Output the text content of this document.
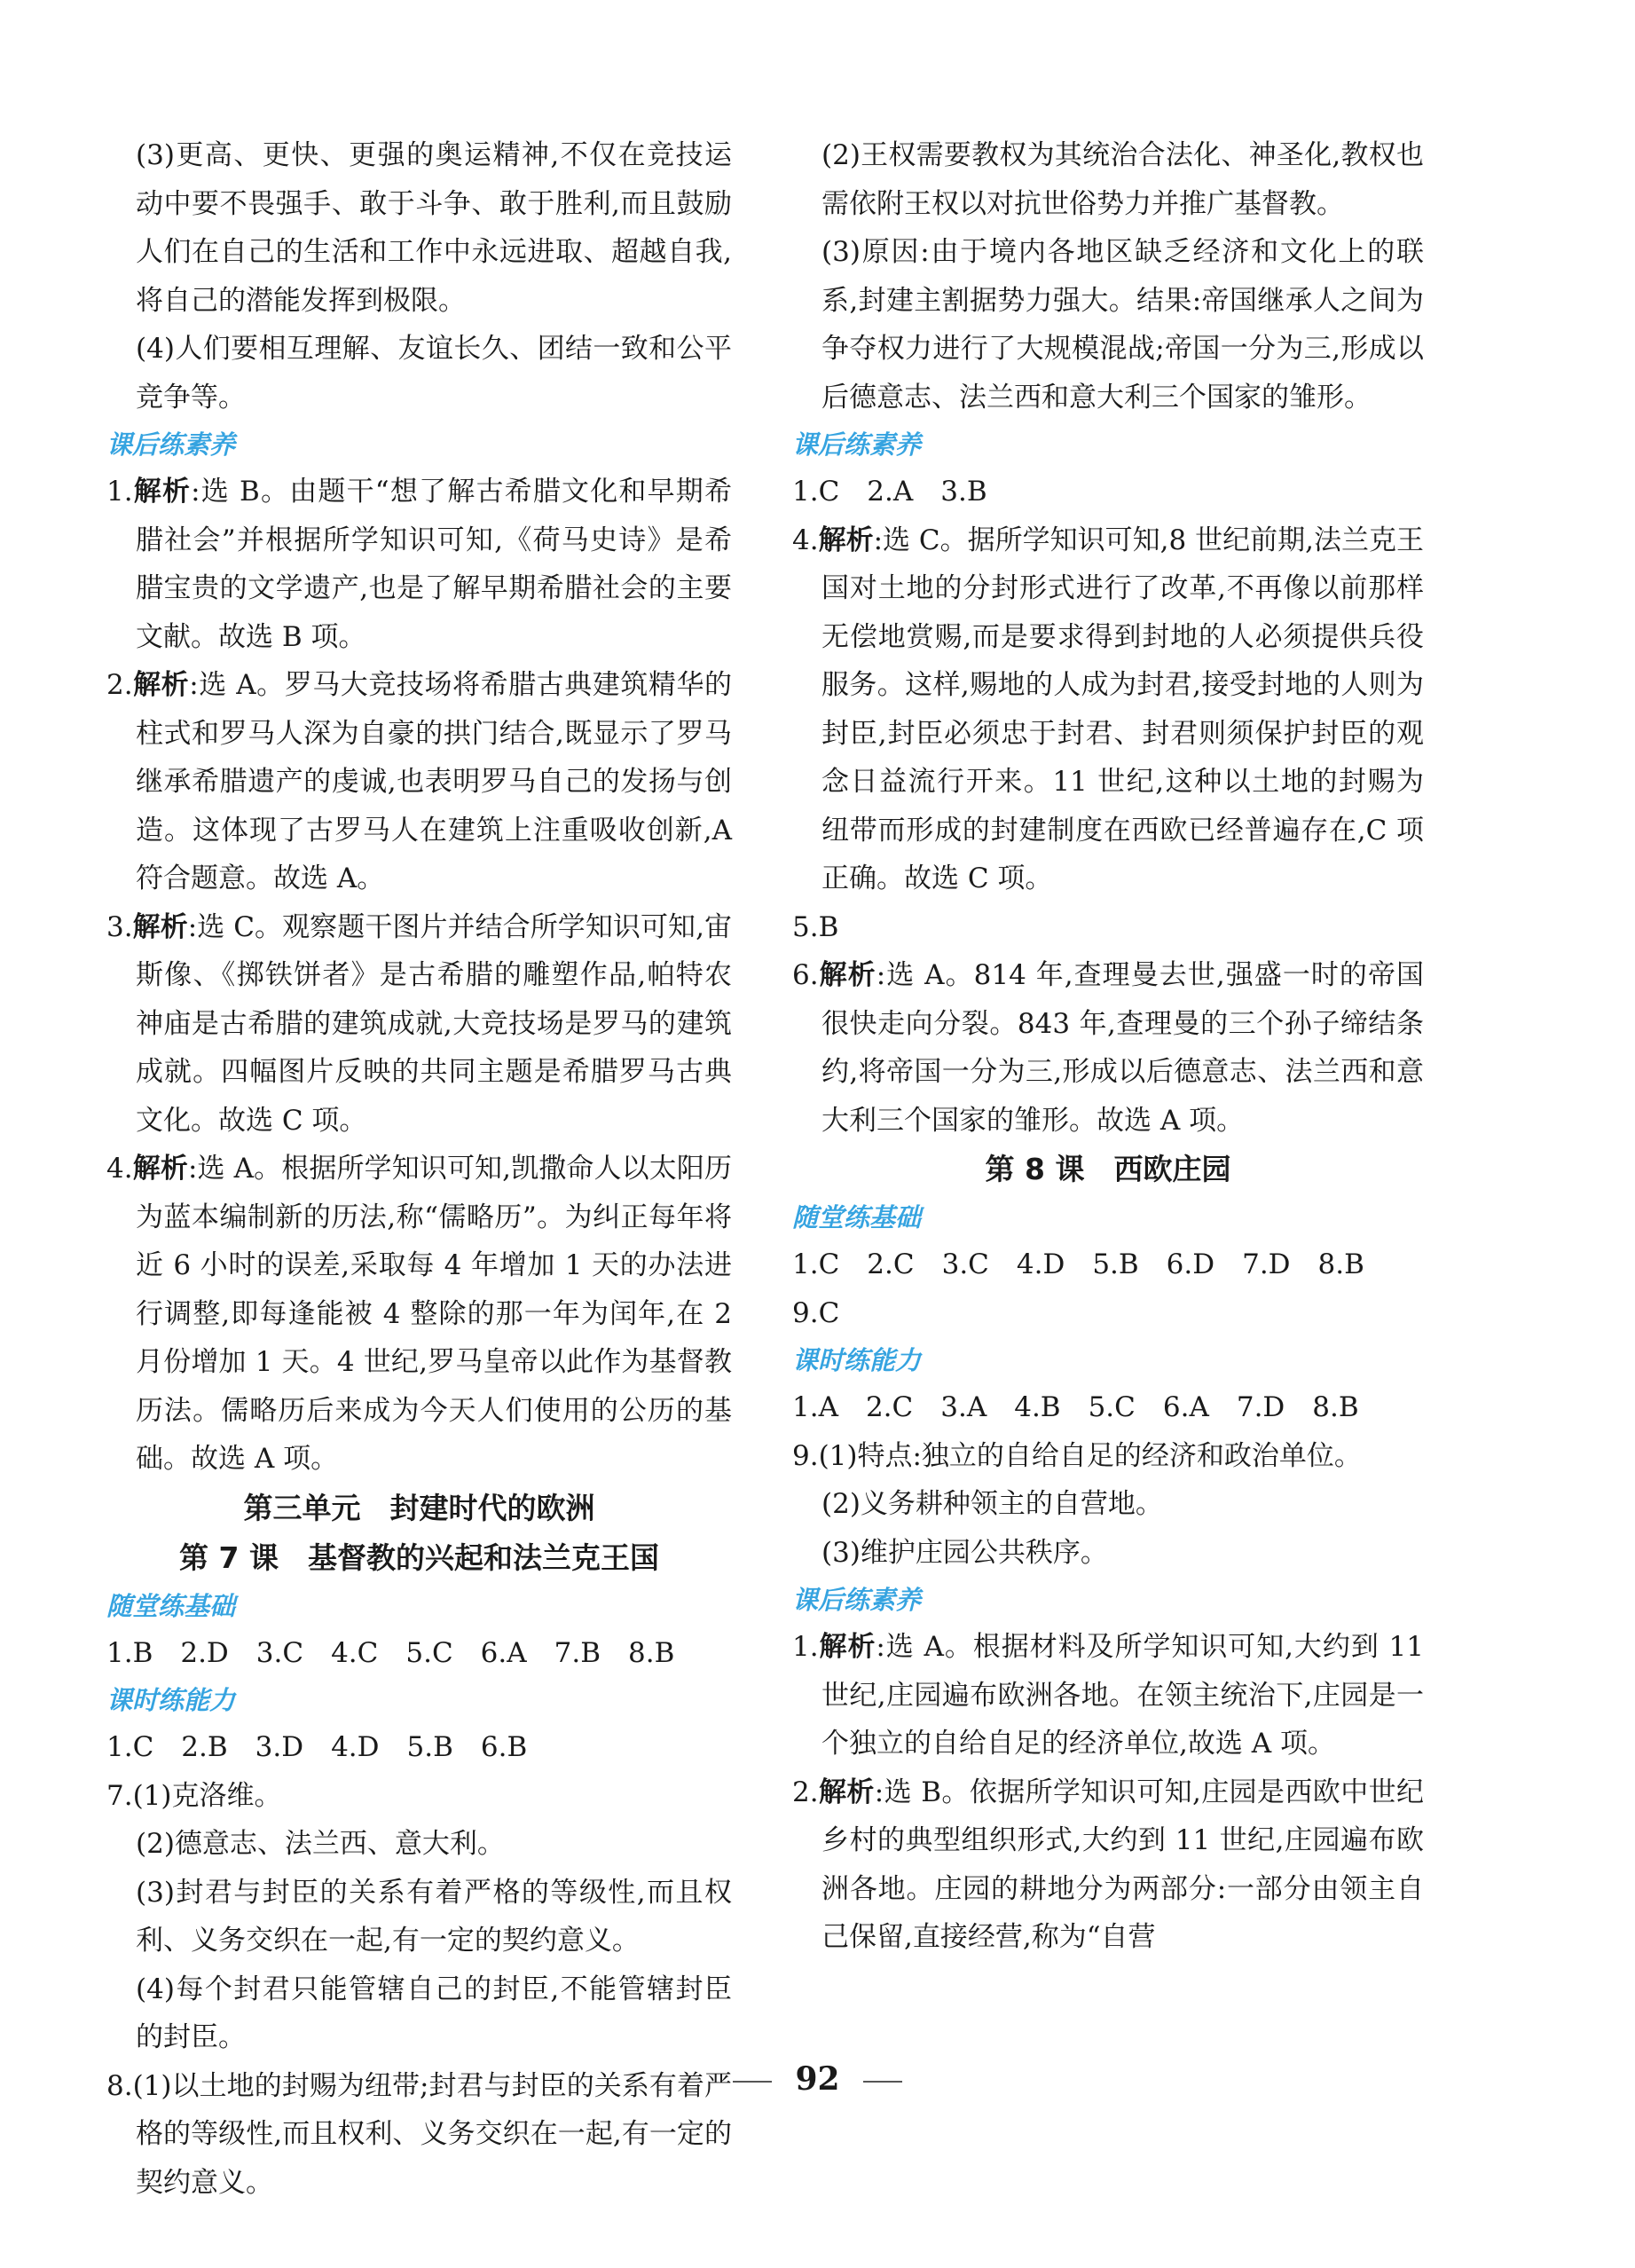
(3)更高、更快、更强的奥运精神,不仅在竞技运动中要不畏强手、敢于斗争、敢于胜利,而且鼓励人们在自己的生活和工作中永远进取、超越自我,将自己的潜能发挥到极限。

(4)人们要相互理解、友谊长久、团结一致和公平竞争等。

课后练素养

1.解析:选 B。由题干“想了解古希腊文化和早期希腊社会”并根据所学知识可知,《荷马史诗》是希腊宝贵的文学遗产,也是了解早期希腊社会的主要文献。故选 B 项。

2.解析:选 A。罗马大竞技场将希腊古典建筑精华的柱式和罗马人深为自豪的拱门结合,既显示了罗马继承希腊遗产的虔诚,也表明罗马自己的发扬与创造。这体现了古罗马人在建筑上注重吸收创新,A 符合题意。故选 A。

3.解析:选 C。观察题干图片并结合所学知识可知,宙斯像、《掷铁饼者》是古希腊的雕塑作品,帕特农神庙是古希腊的建筑成就,大竞技场是罗马的建筑成就。四幅图片反映的共同主题是希腊罗马古典文化。故选 C 项。

4.解析:选 A。根据所学知识可知,凯撒命人以太阳历为蓝本编制新的历法,称“儒略历”。为纠正每年将近 6 小时的误差,采取每 4 年增加 1 天的办法进行调整,即每逢能被 4 整除的那一年为闰年,在 2 月份增加 1 天。4 世纪,罗马皇帝以此作为基督教历法。儒略历后来成为今天人们使用的公历的基础。故选 A 项。

第三单元　封建时代的欧洲

第 7 课　基督教的兴起和法兰克王国

随堂练基础

1.B　2.D　3.C　4.C　5.C　6.A　7.B　8.B

课时练能力

1.C　2.B　3.D　4.D　5.B　6.B

7.(1)克洛维。

(2)德意志、法兰西、意大利。

(3)封君与封臣的关系有着严格的等级性,而且权利、义务交织在一起,有一定的契约意义。

(4)每个封君只能管辖自己的封臣,不能管辖封臣的封臣。

8.(1)以土地的封赐为纽带;封君与封臣的关系有着严格的等级性,而且权利、义务交织在一起,有一定的契约意义。

(2)王权需要教权为其统治合法化、神圣化,教权也需依附王权以对抗世俗势力并推广基督教。

(3)原因:由于境内各地区缺乏经济和文化上的联系,封建主割据势力强大。结果:帝国继承人之间为争夺权力进行了大规模混战;帝国一分为三,形成以后德意志、法兰西和意大利三个国家的雏形。

课后练素养

1.C　2.A　3.B

4.解析:选 C。据所学知识可知,8 世纪前期,法兰克王国对土地的分封形式进行了改革,不再像以前那样无偿地赏赐,而是要求得到封地的人必须提供兵役服务。这样,赐地的人成为封君,接受封地的人则为封臣,封臣必须忠于封君、封君则须保护封臣的观念日益流行开来。11 世纪,这种以土地的封赐为纽带而形成的封建制度在西欧已经普遍存在,C 项正确。故选 C 项。

5.B

6.解析:选 A。814 年,查理曼去世,强盛一时的帝国很快走向分裂。843 年,查理曼的三个孙子缔结条约,将帝国一分为三,形成以后德意志、法兰西和意大利三个国家的雏形。故选 A 项。

第 8 课　西欧庄园

随堂练基础

1.C　2.C　3.C　4.D　5.B　6.D　7.D　8.B

9.C

课时练能力

1.A　2.C　3.A　4.B　5.C　6.A　7.D　8.B

9.(1)特点:独立的自给自足的经济和政治单位。

(2)义务耕种领主的自营地。

(3)维护庄园公共秩序。

课后练素养

1.解析:选 A。根据材料及所学知识可知,大约到 11 世纪,庄园遍布欧洲各地。在领主统治下,庄园是一个独立的自给自足的经济单位,故选 A 项。

2.解析:选 B。依据所学知识可知,庄园是西欧中世纪乡村的典型组织形式,大约到 11 世纪,庄园遍布欧洲各地。庄园的耕地分为两部分:一部分由领主自己保留,直接经营,称为“自营

92
